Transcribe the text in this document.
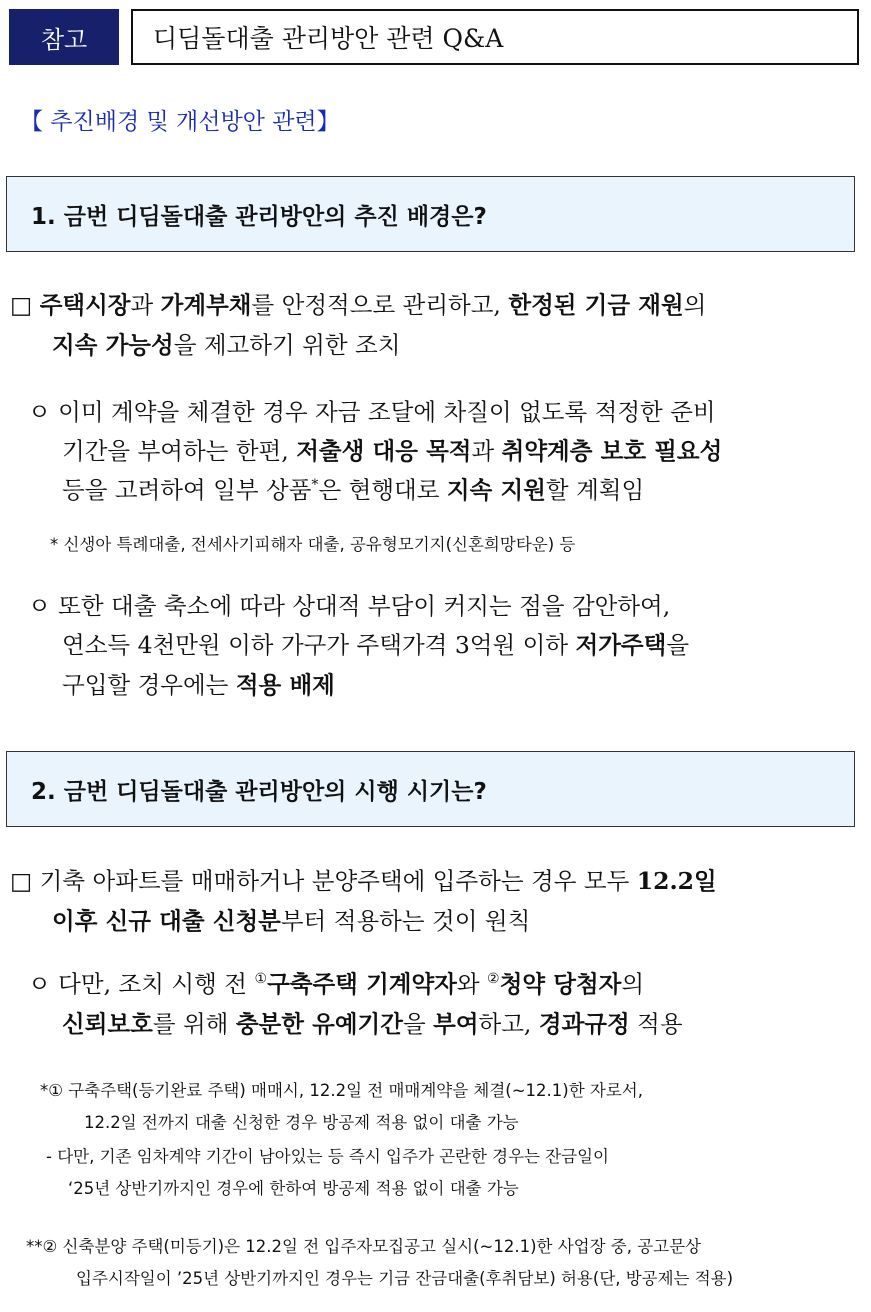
참고	디딤돌대출 관리방안 관련 Q&A
【 추진배경 및 개선방안 관련】
1. 금번 디딤돌대출 관리방안의 추진 배경은?
□ 주택시장과 가계부채를 안정적으로 관리하고, 한정된 기금 재원의
지속 가능성을 제고하기 위한 조치
ㅇ 이미 계약을 체결한 경우 자금 조달에 차질이 없도록 적정한 준비
기간을 부여하는 한편, 저출생 대응 목적과 취약계층 보호 필요성
등을 고려하여 일부 상품*은 현행대로 지속 지원할 계획임
* 신생아 특례대출, 전세사기피해자 대출, 공유형모기지(신혼희망타운) 등
ㅇ 또한 대출 축소에 따라 상대적 부담이 커지는 점을 감안하여,
연소득 4천만원 이하 가구가 주택가격 3억원 이하 저가주택을
구입할 경우에는 적용 배제
2. 금번 디딤돌대출 관리방안의 시행 시기는?
□ 기축 아파트를 매매하거나 분양주택에 입주하는 경우 모두 12.2일
이후 신규 대출 신청분부터 적용하는 것이 원칙
ㅇ 다만, 조치 시행 전 ①구축주택 기계약자와 ②청약 당첨자의
신뢰보호를 위해 충분한 유예기간을 부여하고, 경과규정 적용
*① 구축주택(등기완료 주택) 매매시, 12.2일 전 매매계약을 체결(~12.1)한 자로서,
12.2일 전까지 대출 신청한 경우 방공제 적용 없이 대출 가능
- 다만, 기존 임차계약 기간이 남아있는 등 즉시 입주가 곤란한 경우는 잔금일이
‘25년 상반기까지인 경우에 한하여 방공제 적용 없이 대출 가능
**② 신축분양 주택(미등기)은 12.2일 전 입주자모집공고 실시(~12.1)한 사업장 중, 공고문상
입주시작일이 ’25년 상반기까지인 경우는 기금 잔금대출(후취담보) 허용(단, 방공제는 적용)
